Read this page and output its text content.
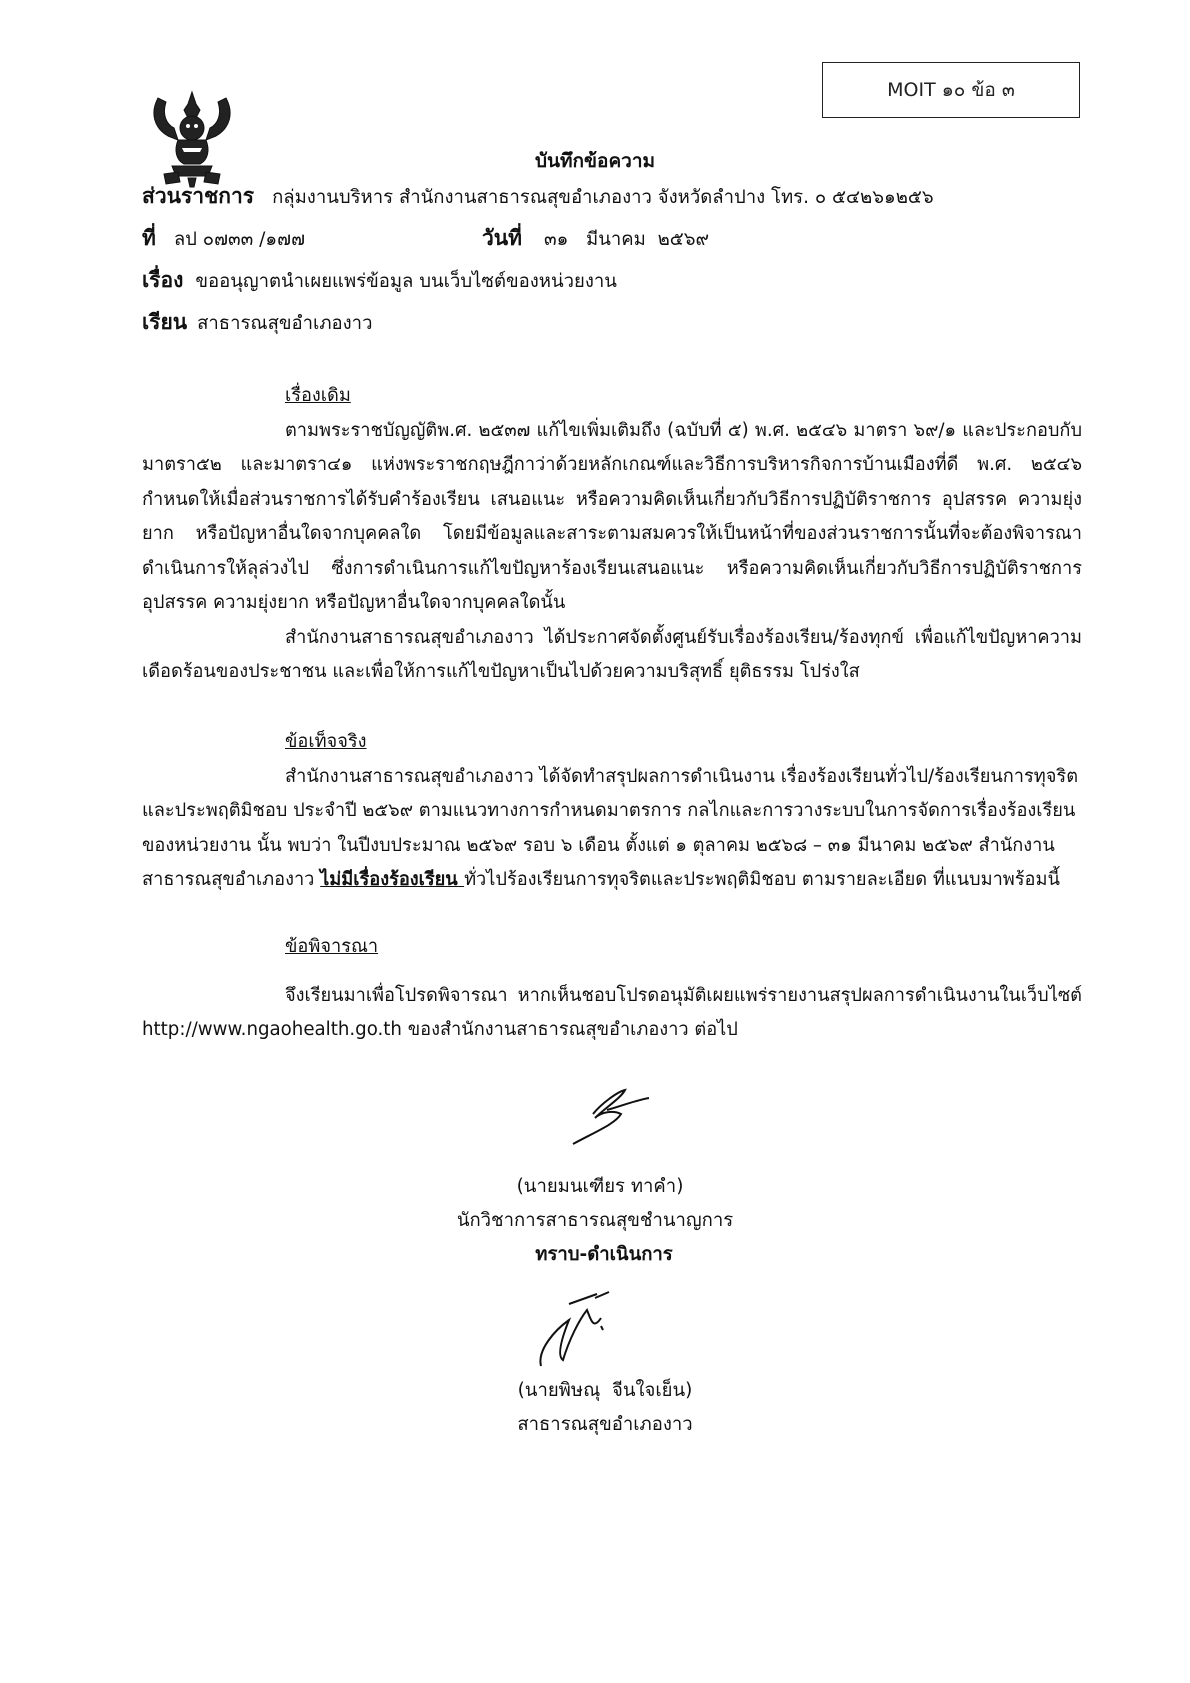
MOIT ๑๐ ข้อ ๓
บันทึกข้อความ
ส่วนราชการ กลุ่มงานบริหาร สำนักงานสาธารณสุขอำเภองาว จังหวัดลำปาง โทร. ๐ ๕๔๒๖๑๒๕๖
ที่ ลป ๐๗๓๓ /๑๗๗	วันที่ ๓๑   มีนาคม  ๒๕๖๙
เรื่อง ขออนุญาตนำเผยแพร่ข้อมูล บนเว็บไซต์ของหน่วยงาน
เรียน สาธารณสุขอำเภองาว
เรื่องเดิม
ตามพระราชบัญญัติพ.ศ. ๒๕๓๗ แก้ไขเพิ่มเติมถึง (ฉบับที่ ๕) พ.ศ. ๒๕๔๖ มาตรา ๖๙/๑ และประกอบกับมาตรา๕๒ และมาตรา๔๑ แห่งพระราชกฤษฎีกาว่าด้วยหลักเกณฑ์และวิธีการบริหารกิจการบ้านเมืองที่ดี พ.ศ. ๒๕๔๖ กำหนดให้เมื่อส่วนราชการได้รับคำร้องเรียน เสนอแนะ หรือความคิดเห็นเกี่ยวกับวิธีการปฏิบัติราชการ อุปสรรค ความยุ่งยาก หรือปัญหาอื่นใดจากบุคคลใด โดยมีข้อมูลและสาระตามสมควรให้เป็นหน้าที่ของส่วนราชการนั้นที่จะต้องพิจารณาดำเนินการให้ลุล่วงไป ซึ่งการดำเนินการแก้ไขปัญหาร้องเรียนเสนอแนะ หรือความคิดเห็นเกี่ยวกับวิธีการปฏิบัติราชการ อุปสรรค ความยุ่งยาก หรือปัญหาอื่นใดจากบุคคลใดนั้น
สำนักงานสาธารณสุขอำเภองาว ได้ประกาศจัดตั้งศูนย์รับเรื่องร้องเรียน/ร้องทุกข์ เพื่อแก้ไขปัญหาความเดือดร้อนของประชาชน และเพื่อให้การแก้ไขปัญหาเป็นไปด้วยความบริสุทธิ์ ยุติธรรม โปร่งใส
ข้อเท็จจริง
สำนักงานสาธารณสุขอำเภองาว ได้จัดทำสรุปผลการดำเนินงาน เรื่องร้องเรียนทั่วไป/ร้องเรียนการทุจริตและประพฤติมิชอบ ประจำปี ๒๕๖๙ ตามแนวทางการกำหนดมาตรการ กลไกและการวางระบบในการจัดการเรื่องร้องเรียนของหน่วยงาน นั้น พบว่า ในปีงบประมาณ ๒๕๖๙ รอบ ๖ เดือน ตั้งแต่ ๑ ตุลาคม ๒๕๖๘ – ๓๑ มีนาคม ๒๕๖๙ สำนักงานสาธารณสุขอำเภองาว ไม่มีเรื่องร้องเรียน ทั่วไปร้องเรียนการทุจริตและประพฤติมิชอบ ตามรายละเอียด ที่แนบมาพร้อมนี้
ข้อพิจารณา
จึงเรียนมาเพื่อโปรดพิจารณา หากเห็นชอบโปรดอนุมัติเผยแพร่รายงานสรุปผลการดำเนินงานในเว็บไซต์ http://www.ngaohealth.go.th ของสำนักงานสาธารณสุขอำเภองาว ต่อไป
(นายมนเฑียร ทาคำ)
นักวิชาการสาธารณสุขชำนาญการ
ทราบ-ดำเนินการ
(นายพิษณุ  จีนใจเย็น)
สาธารณสุขอำเภองาว
